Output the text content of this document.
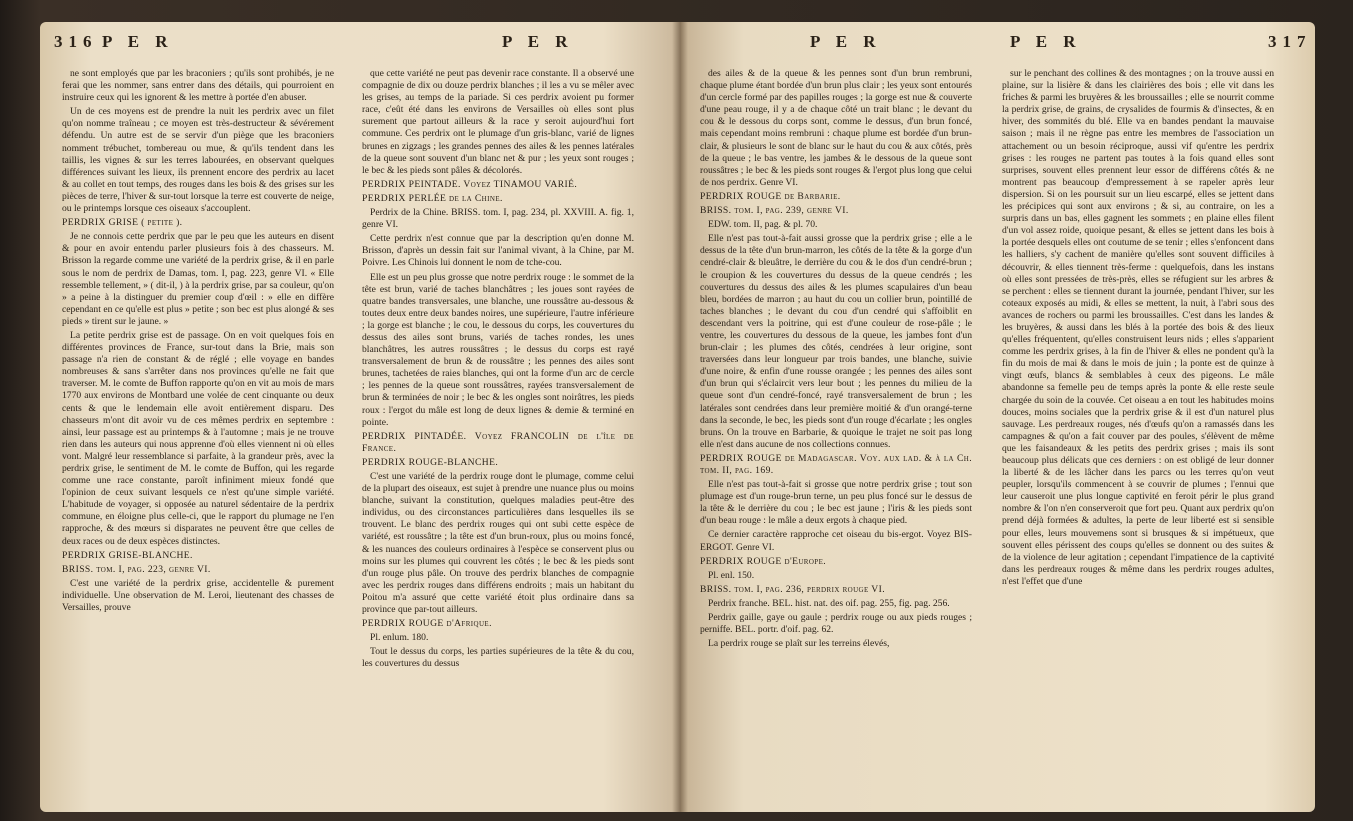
316 P E R	P E R

ne sont employés que par les braconiers ; qu'ils sont prohibés, je ne ferai que les nommer, sans entrer dans des détails, qui pourroient en instruire ceux qui les ignorent & les mettre à portée d'en abuser.

Un de ces moyens est de prendre la nuit les perdrix avec un filet qu'on nomme traîneau ; ce moyen est très-destructeur & sévérement défendu. Un autre est de se servir d'un piège que les braconiers nomment trébuchet, tombereau ou mue, & qu'ils tendent dans les taillis, les vignes & sur les terres labourées, en observant quelques différences suivant les lieux, ils prennent encore des perdrix au lacet & au collet en tout temps, des rouges dans les bois & des grises sur les pièces de terre, l'hiver & sur-tout lorsque la terre est couverte de neige, ou le printemps lorsque ces oiseaux s'accouplent.

PERDRIX GRISE ( petite ).

Je ne connois cette perdrix que par le peu que les auteurs en disent & pour en avoir entendu parler plusieurs fois à des chasseurs. M. Brisson la regarde comme une variété de la perdrix grise, & il en parle sous le nom de perdrix de Damas, tom. I, pag. 223, genre VI. « Elle ressemble tellement, » ( dit-il, ) à la perdrix grise, par sa couleur, qu'on » a peine à la distinguer du premier coup d'œil : » elle en diffère cependant en ce qu'elle est plus » petite ; son bec est plus alongé & ses pieds » tirent sur le jaune. »

La petite perdrix grise est de passage. On en voit quelques fois en différentes provinces de France, sur-tout dans la Brie, mais son passage n'a rien de constant & de réglé ; elle voyage en bandes nombreuses & sans s'arrêter dans nos provinces qu'elle ne fait que traverser. M. le comte de Buffon rapporte qu'on en vit au mois de mars 1770 aux environs de Montbard une volée de cent cinquante ou deux cents & que le lendemain elle avoit entièrement disparu. Des chasseurs m'ont dit avoir vu de ces mêmes perdrix en septembre : ainsi, leur passage est au printemps & à l'automne ; mais je ne trouve rien dans les auteurs qui nous apprenne d'où elles viennent ni où elles vont. Malgré leur ressemblance si parfaite, à la grandeur près, avec la perdrix grise, le sentiment de M. le comte de Buffon, qui les regarde comme une race constante, paroît infiniment mieux fondé que l'opinion de ceux suivant lesquels ce n'est qu'une simple variété. L'habitude de voyager, si opposée au naturel sédentaire de la perdrix commune, en éloigne plus celle-ci, que le rapport du plumage ne l'en rapproche, & des mœurs si disparates ne peuvent être que celles de deux races ou de deux espèces distinctes.

PERDRIX GRISE-BLANCHE.

BRISS. tom. I, pag. 223, genre VI.

C'est une variété de la perdrix grise, accidentelle & purement individuelle. Une observation de M. Leroi, lieutenant des chasses de Versailles, prouve

que cette variété ne peut pas devenir race constante. Il a observé une compagnie de dix ou douze perdrix blanches ; il les a vu se mêler avec les grises, au temps de la pariade. Si ces perdrix avoient pu former race, c'eût été dans les environs de Versailles où elles sont plus surement que partout ailleurs & la race y seroit aujourd'hui fort commune. Ces perdrix ont le plumage d'un gris-blanc, varié de lignes brunes en zigzags ; les grandes pennes des ailes & les pennes latérales de la queue sont souvent d'un blanc net & pur ; les yeux sont rouges ; le bec & les pieds sont pâles & décolorés.

PERDRIX PEINTADE. Voyez TINAMOU VARIÉ.

PERDRIX PERLÉE de la Chine.

Perdrix de la Chine. BRISS. tom. I, pag. 234, pl. XXVIII. A. fig. 1, genre VI.

Cette perdrix n'est connue que par la description qu'en donne M. Brisson, d'après un dessin fait sur l'animal vivant, à la Chine, par M. Poivre. Les Chinois lui donnent le nom de tche-cou.

Elle est un peu plus grosse que notre perdrix rouge : le sommet de la tête est brun, varié de taches blanchâtres ; les joues sont rayées de quatre bandes transversales, une blanche, une roussâtre au-dessous & toutes deux entre deux bandes noires, une supérieure, l'autre inférieure ; la gorge est blanche ; le cou, le dessous du corps, les couvertures du dessus des ailes sont bruns, variés de taches rondes, les unes blanchâtres, les autres roussâtres ; le dessus du corps est rayé transversalement de brun & de roussâtre ; les pennes des ailes sont brunes, tachetées de raies blanches, qui ont la forme d'un arc de cercle ; les pennes de la queue sont roussâtres, rayées transversalement de brun & terminées de noir ; le bec & les ongles sont noirâtres, les pieds roux : l'ergot du mâle est long de deux lignes & demie & terminé en pointe.

PERDRIX PINTADÉE. Voyez FRANCOLIN de l'île de France.

PERDRIX ROUGE-BLANCHE.

C'est une variété de la perdrix rouge dont le plumage, comme celui de la plupart des oiseaux, est sujet à prendre une nuance plus ou moins blanche, suivant la constitution, quelques maladies peut-être des individus, ou des circonstances particulières dans lesquelles ils se trouvent. Le blanc des perdrix rouges qui ont subi cette espèce de variété, est roussâtre ; la tête est d'un brun-roux, plus ou moins foncé, & les nuances des couleurs ordinaires à l'espèce se conservent plus ou moins sur les plumes qui couvrent les côtés ; le bec & les pieds sont d'un rouge plus pâle. On trouve des perdrix blanches de compagnie avec les perdrix rouges dans différens endroits ; mais un habitant du Poitou m'a assuré que cette variété étoit plus ordinaire dans sa province que par-tout ailleurs.

PERDRIX ROUGE d'Afrique.

Pl. enlum. 180.

Tout le dessus du corps, les parties supérieures de la tête & du cou, les couvertures du dessus

P E R	P E R	317

des ailes & de la queue & les pennes sont d'un brun rembruni, chaque plume étant bordée d'un brun plus clair ; les yeux sont entourés d'un cercle formé par des papilles rouges ; la gorge est nue & couverte d'une peau rouge, il y a de chaque côté un trait blanc ; le devant du cou & le dessous du corps sont, comme le dessus, d'un brun foncé, mais cependant moins rembruni : chaque plume est bordée d'un brun-clair, & plusieurs le sont de blanc sur le haut du cou & aux côtés, près de la queue ; le bas ventre, les jambes & le dessous de la queue sont roussâtres ; le bec & les pieds sont rouges & l'ergot plus long que celui de nos perdrix. Genre VI.

PERDRIX ROUGE de Barbarie.

BRISS. tom. I, pag. 239, genre VI.

EDW. tom. II, pag. & pl. 70.

Elle n'est pas tout-à-fait aussi grosse que la perdrix grise ; elle a le dessus de la tête d'un brun-marron, les côtés de la tête & la gorge d'un cendré-clair & bleuâtre, le derrière du cou & le dos d'un cendré-brun ; le croupion & les couvertures du dessus de la queue cendrés ; les couvertures du dessus des ailes & les plumes scapulaires d'un beau bleu, bordées de marron ; au haut du cou un collier brun, pointillé de taches blanches ; le devant du cou d'un cendré qui s'affoiblit en descendant vers la poitrine, qui est d'une couleur de rose-pâle ; le ventre, les couvertures du dessous de la queue, les jambes font d'un brun-clair ; les plumes des côtés, cendrées à leur origine, sont traversées dans leur longueur par trois bandes, une blanche, suivie d'une noire, & enfin d'une rousse orangée ; les pennes des ailes sont d'un brun qui s'éclaircit vers leur bout ; les pennes du milieu de la queue sont d'un cendré-foncé, rayé transversalement de brun ; les latérales sont cendrées dans leur première moitié & d'un orangé-terne dans la seconde, le bec, les pieds sont d'un rouge d'écarlate ; les ongles bruns. On la trouve en Barbarie, & quoique le trajet ne soit pas long elle n'est dans aucune de nos collections connues.

PERDRIX ROUGE de Madagascar. Voy. aux lad. & à la Ch. tom. II, pag. 169.

Elle n'est pas tout-à-fait si grosse que notre perdrix grise ; tout son plumage est d'un rouge-brun terne, un peu plus foncé sur le dessus de la tête & le derrière du cou ; le bec est jaune ; l'iris & les pieds sont d'un beau rouge : le mâle a deux ergots à chaque pied.

Ce dernier caractère rapproche cet oiseau du bis-ergot. Voyez BIS-ERGOT. Genre VI.

PERDRIX ROUGE d'Europe.

Pl. enl. 150.

BRISS. tom. I, pag. 236, perdrix rouge VI.

Perdrix franche. BEL. hist. nat. des oif. pag. 255, fig. pag. 256.

Perdrix gaille, gaye ou gaule ; perdrix rouge ou aux pieds rouges ; perniffe. BEL. portr. d'oif. pag. 62.

La perdrix rouge se plaît sur les terreins élevés,

sur le penchant des collines & des montagnes ; on la trouve aussi en plaine, sur la lisière & dans les clairières des bois ; elle vit dans les friches & parmi les bruyères & les broussailles ; elle se nourrit comme la perdrix grise, de grains, de crysalides de fourmis & d'insectes, & en hiver, des sommités du blé. Elle va en bandes pendant la mauvaise saison ; mais il ne règne pas entre les membres de l'association un attachement ou un besoin réciproque, aussi vif qu'entre les perdrix grises : les rouges ne partent pas toutes à la fois quand elles sont surprises, souvent elles prennent leur essor de différens côtés & ne montrent pas beaucoup d'empressement à se rapeler après leur dispersion. Si on les poursuit sur un lieu escarpé, elles se jettent dans les précipices qui sont aux environs ; & si, au contraire, on les a surpris dans un bas, elles gagnent les sommets ; en plaine elles filent d'un vol assez roide, quoique pesant, & elles se jettent dans les bois à la portée desquels elles ont coutume de se tenir ; elles s'enfoncent dans les halliers, s'y cachent de manière qu'elles sont souvent difficiles à découvrir, & elles tiennent très-ferme : quelquefois, dans les instans où elles sont pressées de très-près, elles se réfugient sur les arbres & se perchent : elles se tiennent durant la journée, pendant l'hiver, sur les coteaux exposés au midi, & elles se mettent, la nuit, à l'abri sous des avances de rochers ou parmi les broussailles. C'est dans les landes & les bruyères, & aussi dans les blés à la portée des bois & des lieux qu'elles fréquentent, qu'elles construisent leurs nids ; elles s'apparient comme les perdrix grises, à la fin de l'hiver & elles ne pondent qu'à la fin du mois de mai & dans le mois de juin ; la ponte est de quinze à vingt œufs, blancs & semblables à ceux des pigeons. Le mâle abandonne sa femelle peu de temps après la ponte & elle reste seule chargée du soin de la couvée. Cet oiseau a en tout les habitudes moins douces, moins sociales que la perdrix grise & il est d'un naturel plus sauvage. Les perdreaux rouges, nés d'œufs qu'on a ramassés dans les campagnes & qu'on a fait couver par des poules, s'élèvent de même que les faisandeaux & les petits des perdrix grises ; mais ils sont beaucoup plus délicats que ces derniers : on est obligé de leur donner la liberté & de les lâcher dans les parcs ou les terres qu'on veut peupler, lorsqu'ils commencent à se couvrir de plumes ; l'ennui que leur causeroit une plus longue captivité en feroit périr le plus grand nombre & l'on n'en conserveroit que fort peu. Quant aux perdrix qu'on prend déjà formées & adultes, la perte de leur liberté est si sensible pour elles, leurs mouvemens sont si brusques & si impétueux, que souvent elles périssent des coups qu'elles se donnent ou des suites & de la violence de leur agitation ; cependant l'impatience de la captivité dans les perdreaux rouges & même dans les perdrix rouges adultes, n'est l'effet que d'une
